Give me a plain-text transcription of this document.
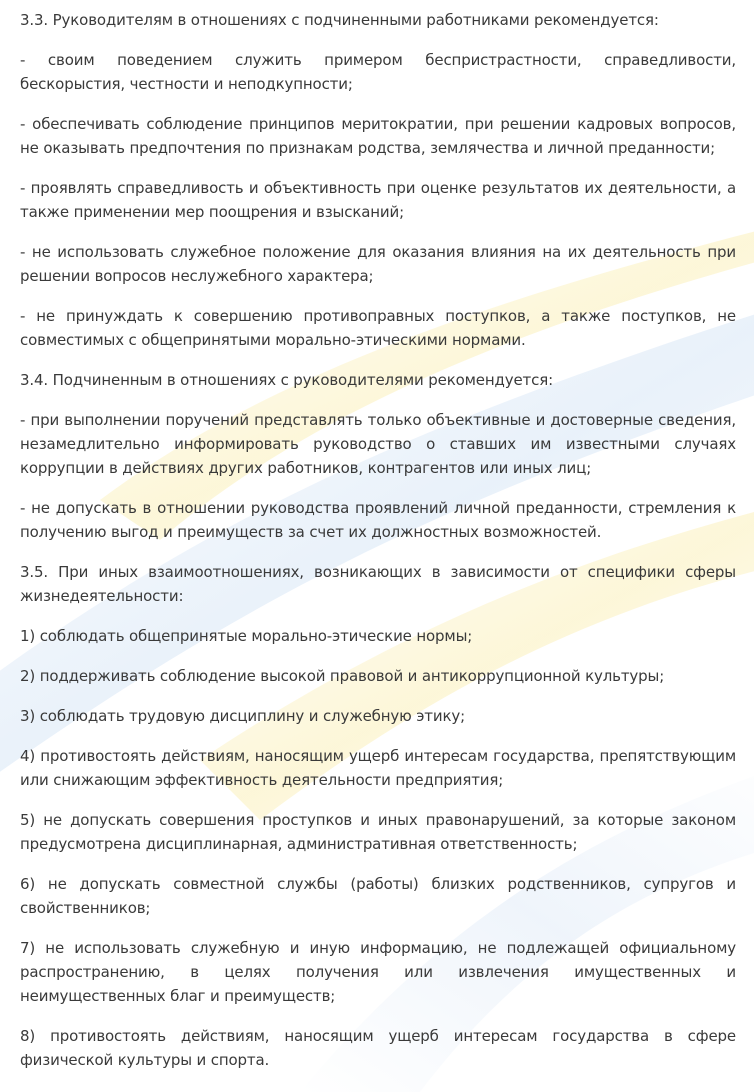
3.3. Руководителям в отношениях с подчиненными работниками рекомендуется:

- своим поведением служить примером беспристрастности, справедливости, бескорыстия, честности и неподкупности;

- обеспечивать соблюдение принципов меритократии, при решении кадровых вопросов, не оказывать предпочтения по признакам родства, землячества и личной преданности;

- проявлять справедливость и объективность при оценке результатов их деятельности, а также применении мер поощрения и взысканий;

- не использовать служебное положение для оказания влияния на их деятельность при решении вопросов неслужебного характера;

- не принуждать к совершению противоправных поступков, а также поступков, не совместимых с общепринятыми морально-этическими нормами.

3.4. Подчиненным в отношениях с руководителями рекомендуется:

- при выполнении поручений представлять только объективные и достоверные сведения, незамедлительно информировать руководство о ставших им известными случаях коррупции в действиях других работников, контрагентов или иных лиц;

- не допускать в отношении руководства проявлений личной преданности, стремления к получению выгод и преимуществ за счет их должностных возможностей.

3.5. При иных взаимоотношениях, возникающих в зависимости от специфики сферы жизнедеятельности:

1) соблюдать общепринятые морально-этические нормы;

2) поддерживать соблюдение высокой правовой и антикоррупционной культуры;

3) соблюдать трудовую дисциплину и служебную этику;

4) противостоять действиям, наносящим ущерб интересам государства, препятствующим или снижающим эффективность деятельности предприятия;

5) не допускать совершения проступков и иных правонарушений, за которые законом предусмотрена дисциплинарная, административная ответственность;

6) не допускать совместной службы (работы) близких родственников, супругов и свойственников;

7) не использовать служебную и иную информацию, не подлежащей официальному распространению, в целях получения или извлечения имущественных и неимущественных благ и преимуществ;

8) противостоять действиям, наносящим ущерб интересам государства в сфере физической культуры и спорта.
